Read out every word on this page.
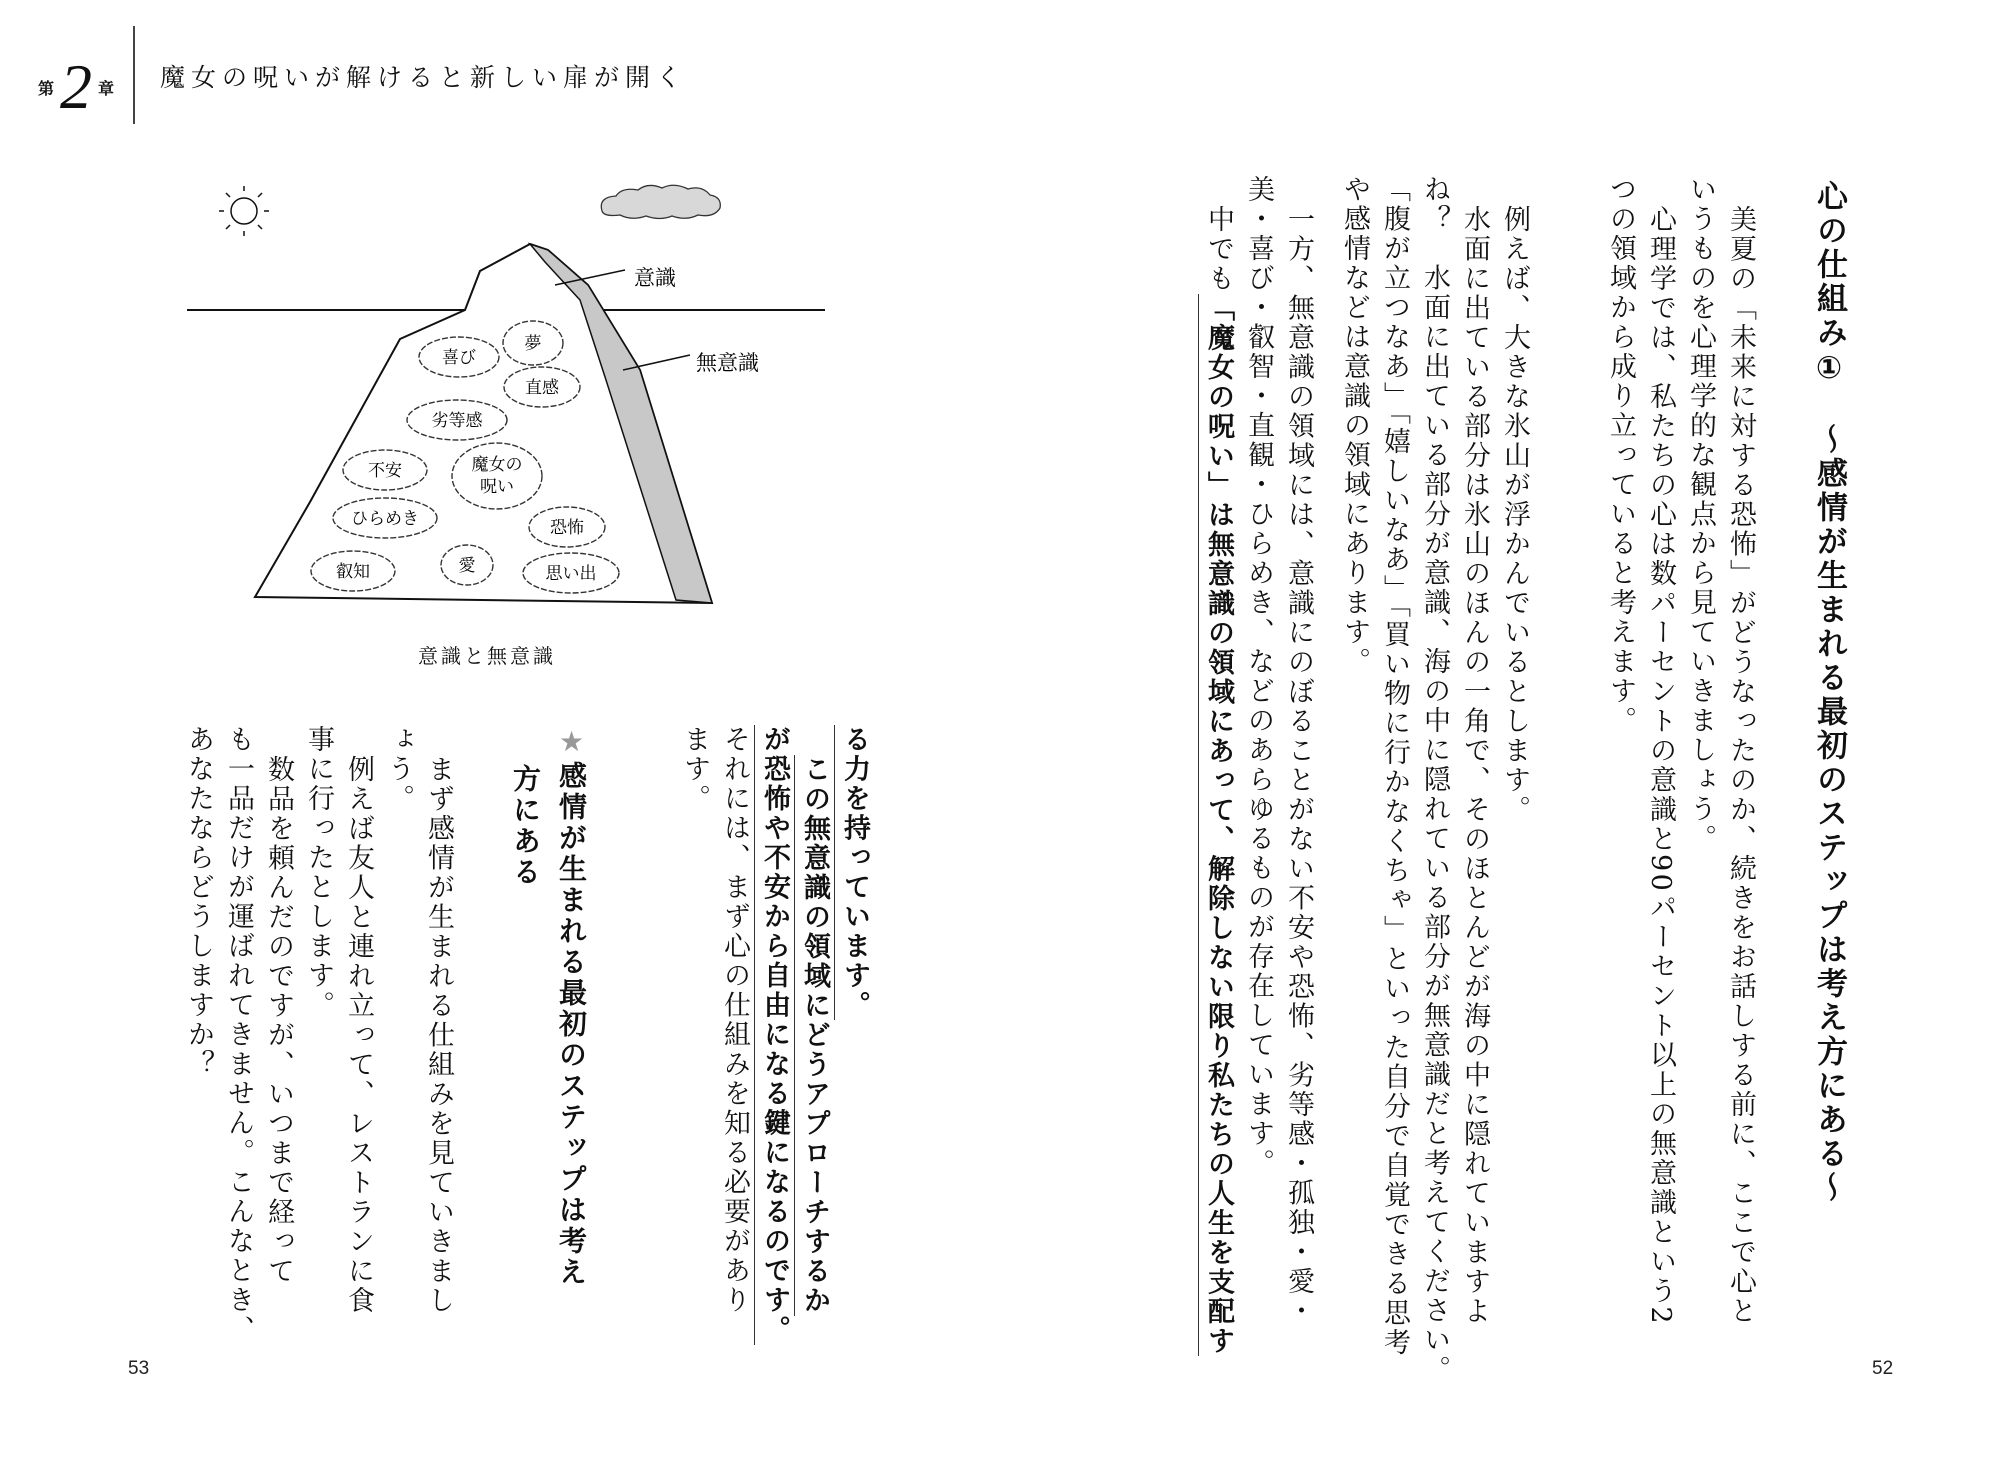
第 2 章 魔女の呪いが解けると新しい扉が開く
心の仕組み①〜感情が生まれる最初のステップは考え方にある〜
美夏の「未来に対する恐怖」がどうなったのか、続きをお話しする前に、ここで心と
いうものを心理学的な観点から見ていきましょう。
心理学では、私たちの心は数パーセントの意識と90パーセント以上の無意識という2
つの領域から成り立っていると考えます。
例えば、大きな氷山が浮かんでいるとします。
水面に出ている部分は氷山のほんの一角で、そのほとんどが海の中に隠れていますよ
ね？　水面に出ている部分が意識、海の中に隠れている部分が無意識だと考えてください。
「腹が立つなあ」「嬉しいなあ」「買い物に行かなくちゃ」といった自分で自覚できる思考
や感情などは意識の領域にあります。
一方、無意識の領域には、意識にのぼることがない不安や恐怖、劣等感・孤独・愛・
美・喜び・叡智・直観・ひらめき、などのあらゆるものが存在しています。
中でも「魔女の呪い」は無意識の領域にあって、解除しない限り私たちの人生を支配す
52
る力を持っています。
この無意識の領域にどうアプローチするか
が恐怖や不安から自由になる鍵になるのです。
それには、まず心の仕組みを知る必要があり
ます。
★感情が生まれる最初のステップは考え
方にある
まず感情が生まれる仕組みを見ていきまし
ょう。
例えば友人と連れ立って、レストランに食
事に行ったとします。
数品を頼んだのですが、いつまで経って
も一品だけが運ばれてきません。こんなとき、
あなたならどうしますか？
53
意識
無意識
喜び
夢
直感
劣等感
不安	魔女の
呪い
ひらめき	恐怖
叡知	愛	思い出
意識と無意識
